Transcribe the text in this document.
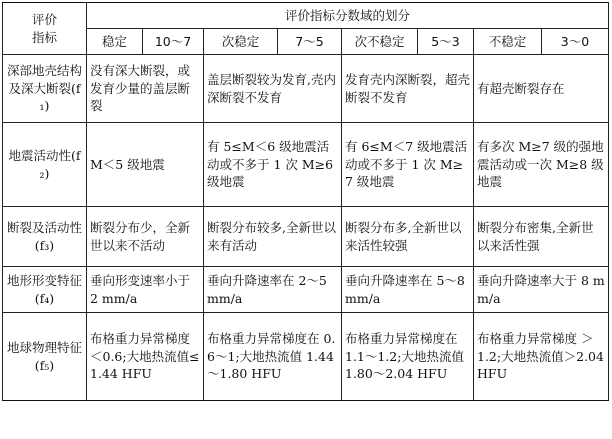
评价
指标	评价指标分数域的划分							
	稳定	10～7	次稳定	7～5	次不稳定	5～3	不稳定	3～0
深部地壳结构及深大断裂(f₁)	没有深大断裂，或发育少量的盖层断裂		盖层断裂较为发育,壳内深断裂不发育		发育壳内深断裂，超壳断裂不发育		有超壳断裂存在	
地震活动性(f₂)	M＜5 级地震		有 5≤M＜6 级地震活动或不多于 1 次 M≥6 级地震		有 6≤M＜7 级地震活动或不多于 1 次 M≥7 级地震		有多次 M≥7 级的强地震活动或一次 M≥8 级地震	
断裂及活动性(f₃)	断裂分布少，全新世以来不活动		断裂分布较多,全新世以来有活动		断裂分布多,全新世以来活性较强		断裂分布密集,全新世以来活性强	
地形形变特征(f₄)	垂向形变速率小于 2 mm/a		垂向升降速率在 2～5 mm/a		垂向升降速率在 5～8 mm/a		垂向升降速率大于 8 mm/a	
地球物理特征(f₅)	布格重力异常梯度＜0.6;大地热流值≤1.44 HFU		布格重力异常梯度在 0.6～1;大地热流值 1.44～1.80 HFU		布格重力异常梯度在 1.1～1.2;大地热流值 1.80～2.04 HFU		布格重力异常梯度 ＞1.2;大地热流值＞2.04 HFU	
